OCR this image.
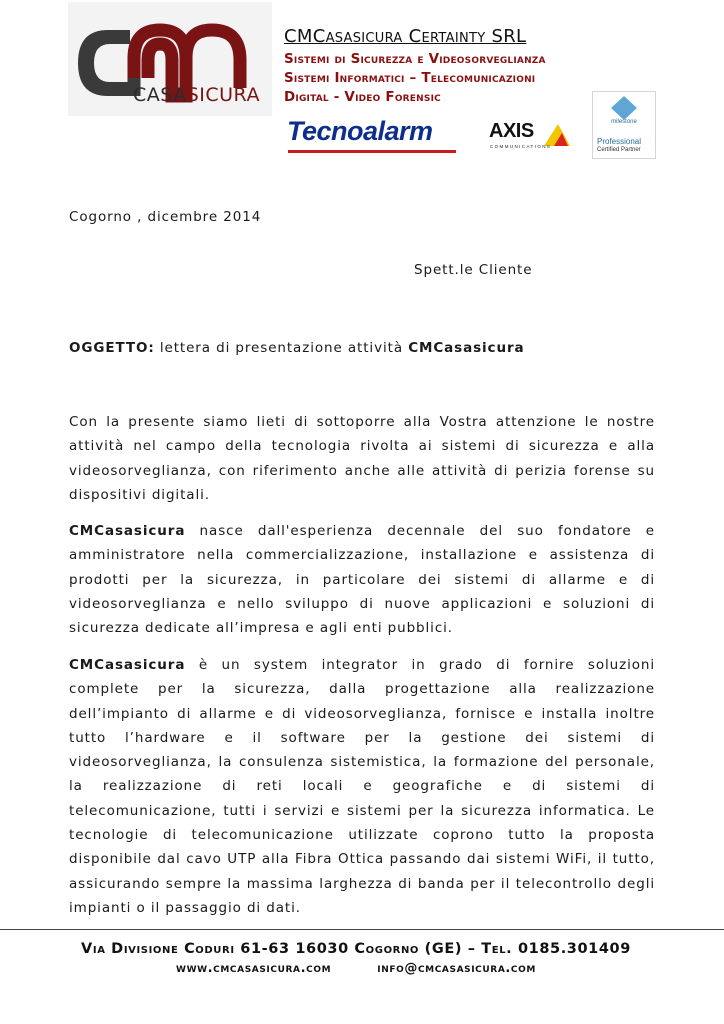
CASASICURA
CMCasasicura Certainty SRL
Sistemi di Sicurezza e Videosorveglianza
Sistemi Informatici – Telecomunicazioni
Digital - Video Forensic
Tecnoalarm	AXIS
COMMUNICATIONS
milestone
Professional
Certified Partner
Cogorno , dicembre 2014
Spett.le Cliente
OGGETTO: lettera di presentazione attività CMCasasicura
Con la presente siamo lieti di sottoporre alla Vostra attenzione le nostre attività nel campo della tecnologia rivolta ai sistemi di sicurezza e alla videosorveglianza, con riferimento anche alle attività di perizia forense su dispositivi digitali.
CMCasasicura nasce dall'esperienza decennale del suo fondatore e amministratore nella commercializzazione, installazione e assistenza di prodotti per la sicurezza, in particolare dei sistemi di allarme e di videosorveglianza e nello sviluppo di nuove applicazioni e soluzioni di sicurezza dedicate all’impresa e agli enti pubblici.
CMCasasicura è un system integrator in grado di fornire soluzioni complete per la sicurezza, dalla progettazione alla realizzazione dell’impianto di allarme e di videosorveglianza, fornisce e installa inoltre tutto l’hardware e il software per la gestione dei sistemi di videosorveglianza, la consulenza sistemistica, la formazione del personale, la realizzazione di reti locali e geografiche e di sistemi di telecomunicazione, tutti i servizi e sistemi per la sicurezza informatica. Le tecnologie di telecomunicazione utilizzate coprono tutto la proposta disponibile dal cavo UTP alla Fibra Ottica passando dai sistemi WiFi, il tutto, assicurando sempre la massima larghezza di banda per il telecontrollo degli impianti o il passaggio di dati.
Via Divisione Coduri 61-63 16030 Cogorno (GE) – Tel. 0185.301409
www.cmcasasicura.com	info@cmcasasicura.com
